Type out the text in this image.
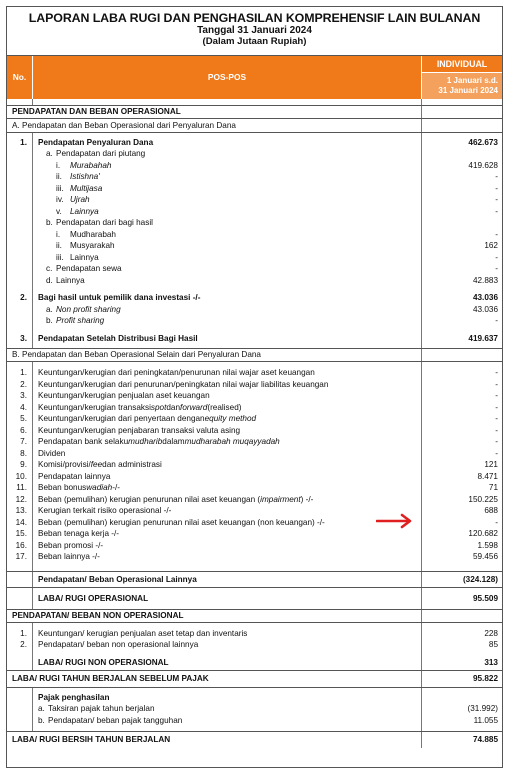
LAPORAN LABA RUGI DAN PENGHASILAN KOMPREHENSIF LAIN BULANAN
Tanggal 31 Januari 2024
(Dalam Jutaan Rupiah)
No.	POS-POS
INDIVIDUAL
1 Januari s.d.
31 Januari 2024
PENDAPATAN DAN BEBAN OPERASIONAL
A. Pendapatan dan Beban Operasional dari Penyaluran Dana
1.	Pendapatan Penyaluran Dana	462.673
a. Pendapatan dari piutang
i.	Murabahah	419.628
ii. Istishna'	-
iii. Multijasa	-
iv. Ujrah	-
v.	Lainnya	-
b. Pendapatan dari bagi hasil
i.	Mudharabah	-
ii. Musyarakah	162
iii. Lainnya	-
c. Pendapatan sewa	-
d. Lainnya	42.883
2.	Bagi hasil untuk pemilik dana investasi -/-	43.036
a. Non profit sharing	43.036
b. Profit sharing	-
3.	Pendapatan Setelah Distribusi Bagi Hasil	419.637
B. Pendapatan dan Beban Operasional Selain dari Penyaluran Dana
1.	Keuntungan/kerugian dari peningkatan/penurunan nilai wajar aset keuangan	-
2.	Keuntungan/kerugian dari penurunan/peningkatan nilai wajar liabilitas keuangan	-
3.	Keuntungan/kerugian penjualan aset keuangan	-
4.	Keuntungan/kerugian transaksi spot dan forward (realised)	-
5.	Keuntungan/kerugian dari penyertaan dengan equity method	-
6.	Keuntungan/kerugian penjabaran transaksi valuta asing	-
7.	Pendapatan bank selaku mudharib dalam mudharabah muqayyadah	-
8.	Dividen	-
9.	Komisi/provisi/ fee dan administrasi	121
10.	Pendapatan lainnya	8.471
11.	Beban bonus wadiah -/-	71
12.	Beban (pemulihan) kerugian penurunan nilai aset keuangan ( impairment ) -/-	150.225
13.	Kerugian terkait risiko operasional -/-	688
14.	Beban (pemulihan) kerugian penurunan nilai aset keuangan (non keuangan) -/-	-
15.	Beban tenaga kerja -/-	120.682
16.	Beban promosi -/-	1.598
17.	Beban lainnya -/-	59.456
Pendapatan/ Beban Operasional Lainnya	(324.128)
LABA/ RUGI OPERASIONAL	95.509
PENDAPATAN/ BEBAN NON OPERASIONAL
1.	Keuntungan/ kerugian penjualan aset tetap dan inventaris	228
2.	Pendapatan/ beban non operasional lainnya	85
LABA/ RUGI NON OPERASIONAL	313
LABA/ RUGI TAHUN BERJALAN SEBELUM PAJAK	95.822
Pajak penghasilan
a. Taksiran pajak tahun berjalan	(31.992)
b. Pendapatan/ beban pajak tangguhan	11.055
LABA/ RUGI BERSIH TAHUN BERJALAN	74.885
